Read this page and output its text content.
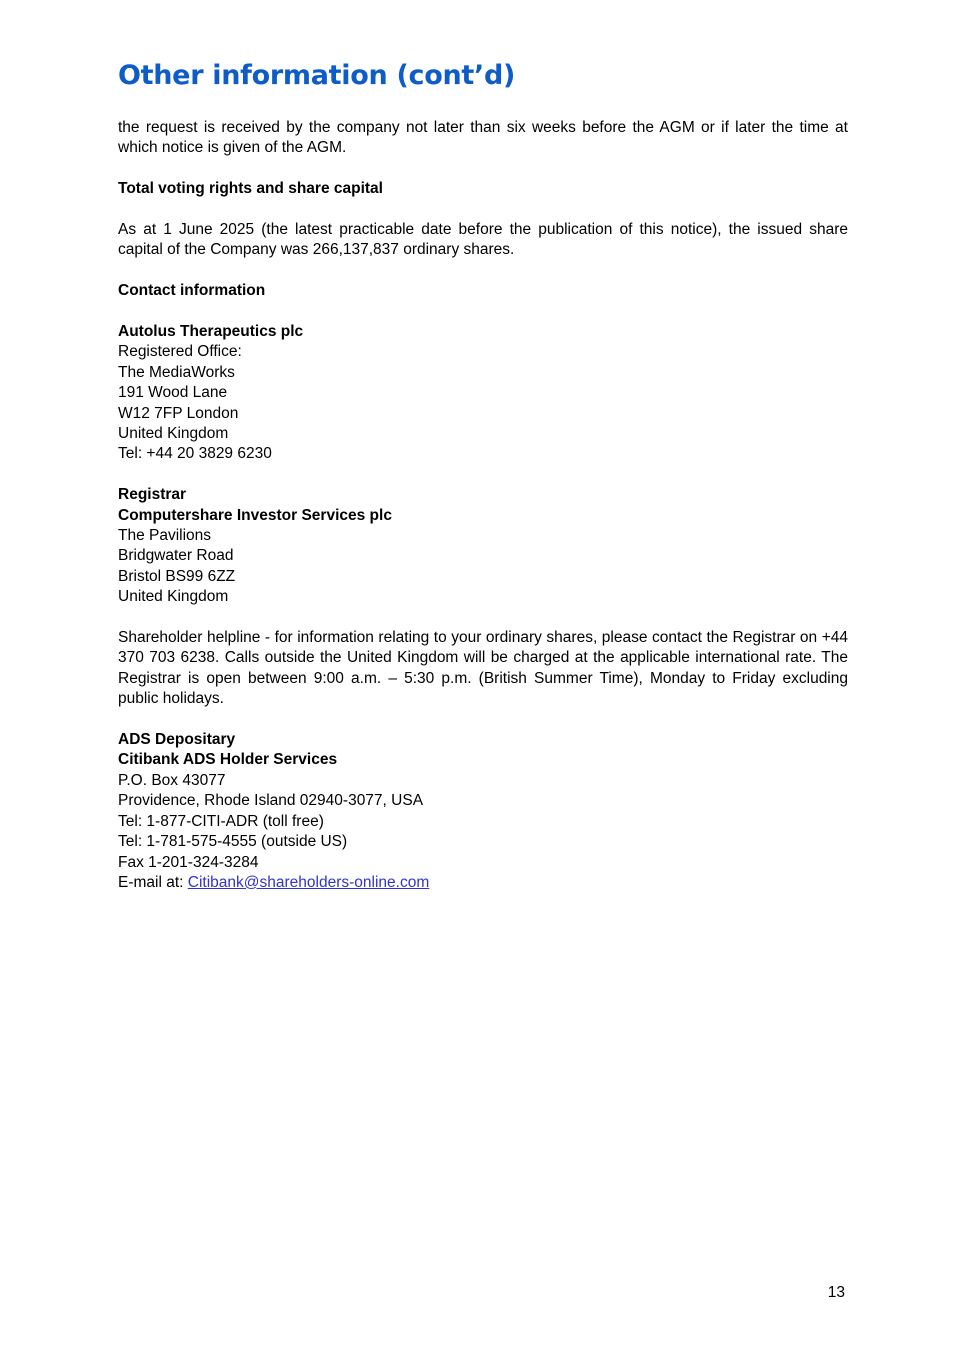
Other information (cont’d)

the request is received by the company not later than six weeks before the AGM or if later the time at which notice is given of the AGM.

Total voting rights and share capital

As at 1 June 2025 (the latest practicable date before the publication of this notice), the issued share capital of the Company was 266,137,837 ordinary shares.

Contact information
Autolus Therapeutics plc
Registered Office:
The MediaWorks
191 Wood Lane
W12 7FP London
United Kingdom
Tel: +44 20 3829 6230
Registrar
Computershare Investor Services plc
The Pavilions
Bridgwater Road
Bristol BS99 6ZZ
United Kingdom

Shareholder helpline - for information relating to your ordinary shares, please contact the Registrar on +44 370 703 6238. Calls outside the United Kingdom will be charged at the applicable international rate. The Registrar is open between 9:00 a.m. – 5:30 p.m. (British Summer Time), Monday to Friday excluding public holidays.

ADS Depositary
Citibank ADS Holder Services
P.O. Box 43077
Providence, Rhode Island 02940-3077, USA
Tel: 1-877-CITI-ADR (toll free)
Tel: 1-781-575-4555 (outside US)
Fax 1-201-324-3284
E-mail at: Citibank@shareholders-online.com
13
